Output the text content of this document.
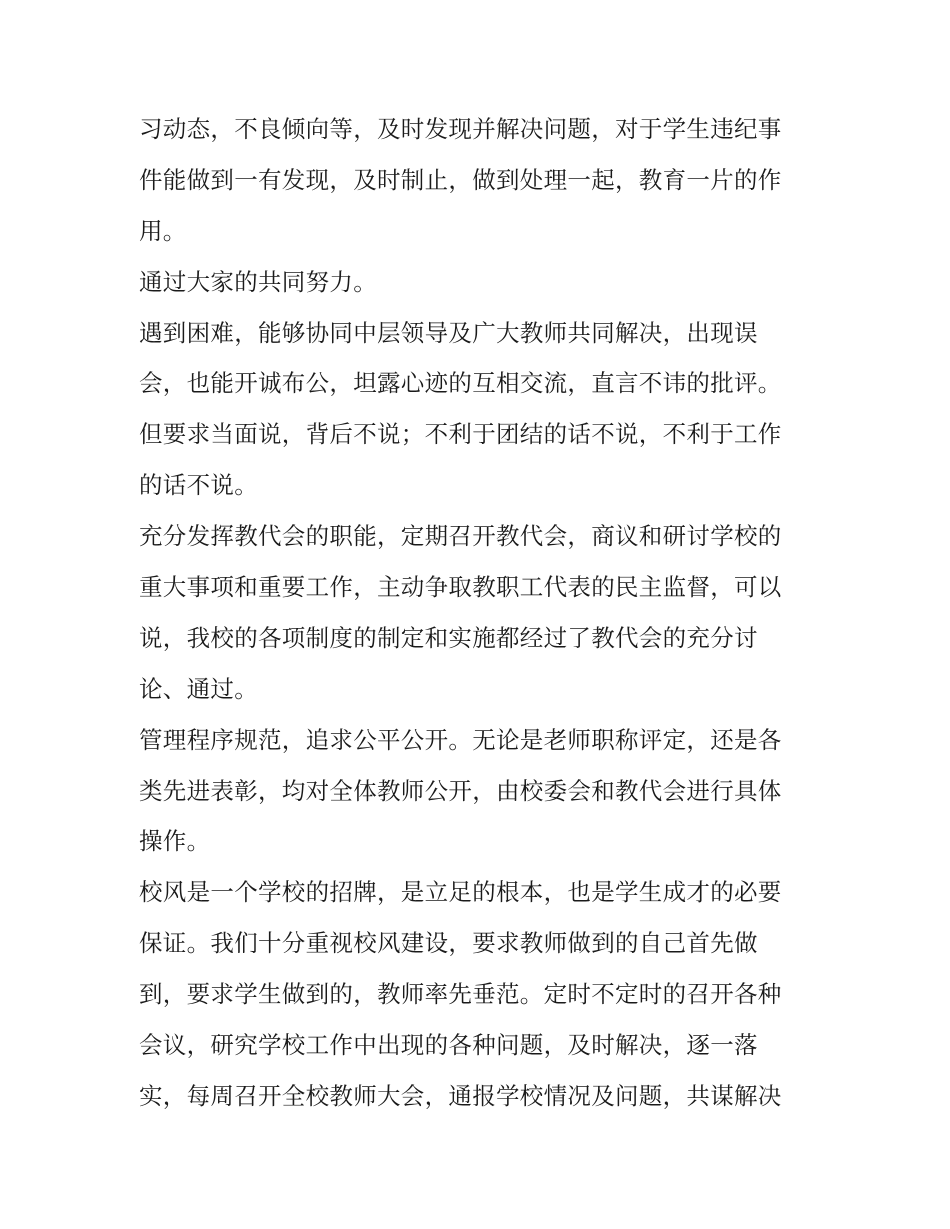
习动态，不良倾向等，及时发现并解决问题，对于学生违纪事
件能做到一有发现，及时制止，做到处理一起，教育一片的作
用。
通过大家的共同努力。
遇到困难，能够协同中层领导及广大教师共同解决，出现误
会，也能开诚布公，坦露心迹的互相交流，直言不讳的批评。
但要求当面说，背后不说；不利于团结的话不说，不利于工作
的话不说。
充分发挥教代会的职能，定期召开教代会，商议和研讨学校的
重大事项和重要工作，主动争取教职工代表的民主监督，可以
说，我校的各项制度的制定和实施都经过了教代会的充分讨
论、通过。
管理程序规范，追求公平公开。无论是老师职称评定，还是各
类先进表彰，均对全体教师公开，由校委会和教代会进行具体
操作。
校风是一个学校的招牌，是立足的根本，也是学生成才的必要
保证。我们十分重视校风建设，要求教师做到的自己首先做
到，要求学生做到的，教师率先垂范。定时不定时的召开各种
会议，研究学校工作中出现的各种问题，及时解决，逐一落
实，每周召开全校教师大会，通报学校情况及问题，共谋解决
